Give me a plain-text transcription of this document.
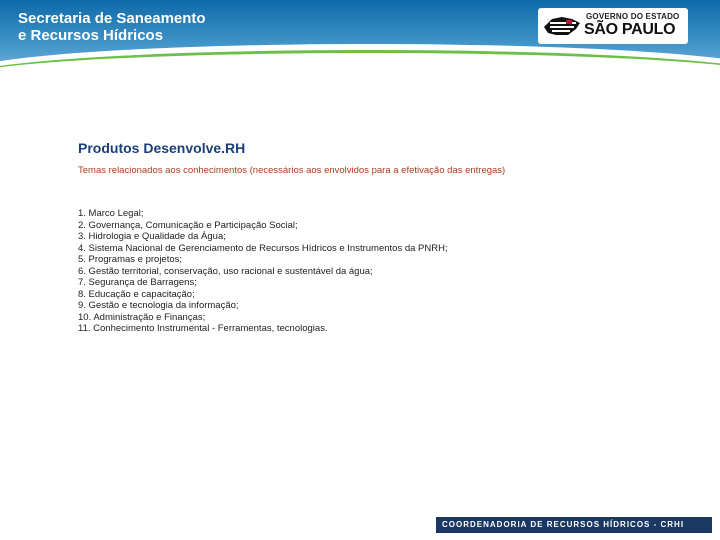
Secretaria de Saneamento
e Recursos Hídricos
GOVERNO DO ESTADO
SÃO PAULO
Produtos Desenvolve.RH
Temas relacionados aos conhecimentos (necessários aos envolvidos para a efetivação das entregas)
1. Marco Legal;
2. Governança, Comunicação e Participação Social;
3. Hidrologia e Qualidade da Água;
4. Sistema Nacional de Gerenciamento de Recursos Hídricos e Instrumentos da PNRH;
5. Programas e projetos;
6. Gestão territorial, conservação, uso racional e sustentável da água;
7. Segurança de Barragens;
8. Educação e capacitação;
9. Gestão e tecnologia da informação;
10. Administração e Finanças;
11. Conhecimento Instrumental - Ferramentas, tecnologias.
COORDENADORIA DE RECURSOS HÍDRICOS - CRHI
